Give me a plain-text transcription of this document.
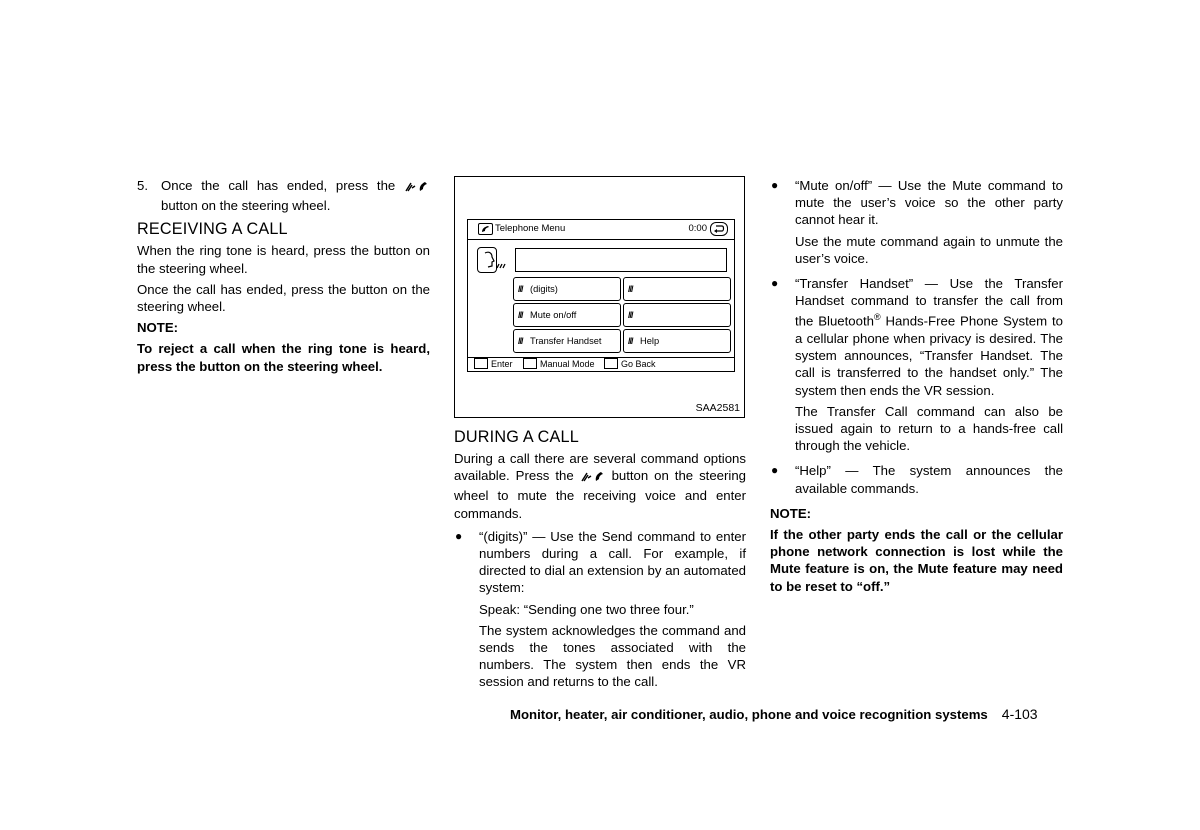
5. Once the call has ended, press the  button on the steering wheel.
RECEIVING A CALL

When the ring tone is heard, press the button on the steering wheel.

Once the call has ended, press the button on the steering wheel.

NOTE:

To reject a call when the ring tone is heard, press the button on the steering wheel.

Telephone Menu	0:00
/// (digits)	///
/// Mute on/off	///
/// Transfer Handset	/// Help
Enter	Manual Mode	Go Back
SAA2581
DURING A CALL

During a call there are several command options available. Press the	button on the steering wheel to mute the receiving voice and enter commands.

●	“(digits)” — Use the Send command to enter numbers during a call. For example, if directed to dial an extension by an automated system:

Speak: “Sending one two three four.”

The system acknowledges the command and sends the tones associated with the numbers. The system then ends the VR session and returns to the call.

●	“Mute on/off” — Use the Mute command to mute the user’s voice so the other party cannot hear it.

Use the mute command again to unmute the user’s voice.

●	“Transfer Handset” — Use the Transfer Handset command to transfer the call from the Bluetooth® Hands-Free Phone System to a cellular phone when privacy is desired. The system announces, “Transfer Handset. The call is transferred to the handset only.” The system then ends the VR session.

The Transfer Call command can also be issued again to return to a hands-free call through the vehicle.

●	“Help” — The system announces the available commands.

NOTE:

If the other party ends the call or the cellular phone network connection is lost while the Mute feature is on, the Mute feature may need to be reset to “off.”

Monitor, heater, air conditioner, audio, phone and voice recognition systems 4-103
